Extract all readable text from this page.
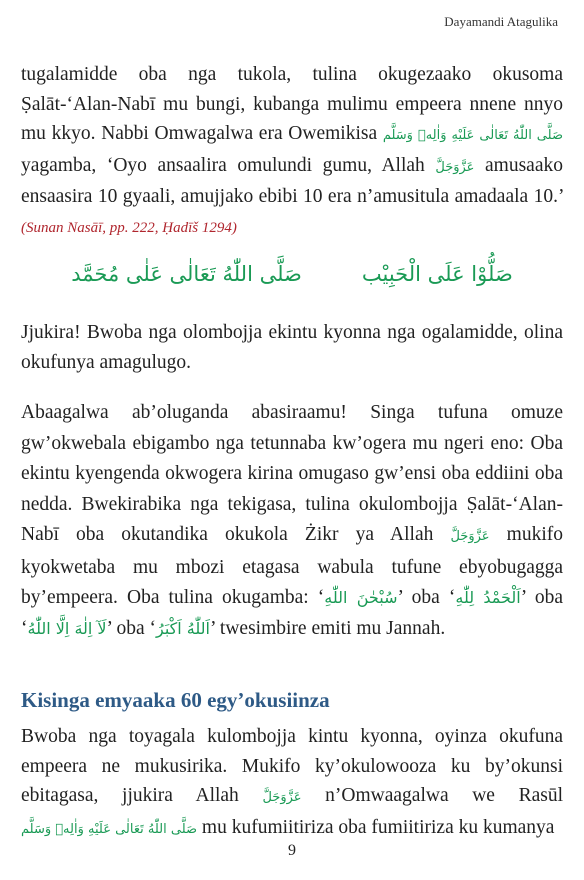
Dayamandi Atagulika

tugalamidde oba nga tukola, tulina okugezaako okusoma Ṣalāt-‘Alan-Nabī mu bungi, kubanga mulimu empeera nnene nnyo mu kkyo. Nabbi Omwagalwa era Owemikisa صَلَّى اللّٰهُ تَعَالٰی عَلَيْهِ وَاٰلِهٖ وَسَلَّم yagamba, ‘Oyo ansaalira omulundi gumu, Allah عَزَّوَجَلَّ amusaako ensaasira 10 gyaali, amujjako ebibi 10 era n’amusitula amadaala 10.’ (Sunan Nasāī, pp. 222, Ḥadīš 1294)

صَلُّوْا عَلَى الْحَبِيْب
صَلَّى اللّٰهُ تَعَالٰى عَلٰى مُحَمَّد

Jjukira! Bwoba nga olombojja ekintu kyonna nga ogalamidde, olina okufunya amagulugo.

Abaagalwa ab’oluganda abasiraamu! Singa tufuna omuze gw’okwebala ebigambo nga tetunnaba kw’ogera mu ngeri eno: Oba ekintu kyengenda okwogera kirina omugaso gw’ensi oba eddiini oba nedda. Bwekirabika nga tekigasa, tulina okulombojja Ṣalāt-‘Alan-Nabī oba okutandika okukola Żikr ya Allah عَزَّوَجَلَّ mukifo kyokwetaba mu mbozi etagasa wabula tufune ebyobugagga by’empeera. Oba tulina okugamba: ‘سُبْحٰنَ اللّٰهِ’ oba ‘اَلْحَمْدُ لِلّٰهِ’ oba ‘لَآ اِلٰهَ اِلَّا اللّٰهُ’ oba ‘اَللّٰهُ اَكْبَرُ’ twesimbire emiti mu Jannah.

Kisinga emyaaka 60 egy’okusiinza

Bwoba nga toyagala kulombojja kintu kyonna, oyinza okufuna empeera ne mukusirika. Mukifo ky’okulowooza ku by’okunsi ebitagasa, jjukira Allah عَزَّوَجَلَّ n’Omwaagalwa we Rasūl صَلَّى اللّٰهُ تَعَالٰی عَلَيْهِ وَاٰلِهٖ وَسَلَّم mu kufumiitiriza oba fumiitiriza ku kumanya

9
